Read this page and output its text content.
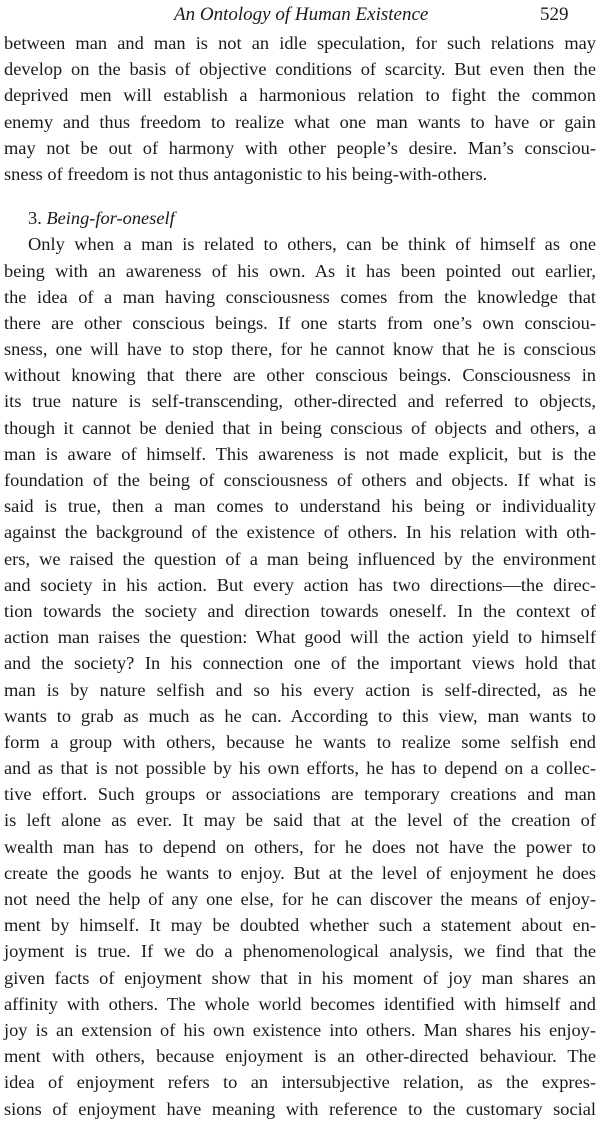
An Ontology of Human Existence	529
between man and man is not an idle speculation, for such relations may
develop on the basis of objective conditions of scarcity. But even then the
deprived men will establish a harmonious relation to fight the common
enemy and thus freedom to realize what one man wants to have or gain
may not be out of harmony with other people’s desire. Man’s consciou-
sness of freedom is not thus antagonistic to his being-with-others.
3. Being-for-oneself
Only when a man is related to others, can be think of himself as one
being with an awareness of his own. As it has been pointed out earlier,
the idea of a man having consciousness comes from the knowledge that
there are other conscious beings. If one starts from one’s own consciou-
sness, one will have to stop there, for he cannot know that he is conscious
without knowing that there are other conscious beings. Consciousness in
its true nature is self-transcending, other-directed and referred to objects,
though it cannot be denied that in being conscious of objects and others, a
man is aware of himself. This awareness is not made explicit, but is the
foundation of the being of consciousness of others and objects. If what is
said is true, then a man comes to understand his being or individuality
against the background of the existence of others. In his relation with oth-
ers, we raised the question of a man being influenced by the environment
and society in his action. But every action has two directions—the direc-
tion towards the society and direction towards oneself. In the context of
action man raises the question: What good will the action yield to himself
and the society? In his connection one of the important views hold that
man is by nature selfish and so his every action is self-directed, as he
wants to grab as much as he can. According to this view, man wants to
form a group with others, because he wants to realize some selfish end
and as that is not possible by his own efforts, he has to depend on a collec-
tive effort. Such groups or associations are temporary creations and man
is left alone as ever. It may be said that at the level of the creation of
wealth man has to depend on others, for he does not have the power to
create the goods he wants to enjoy. But at the level of enjoyment he does
not need the help of any one else, for he can discover the means of enjoy-
ment by himself. It may be doubted whether such a statement about en-
joyment is true. If we do a phenomenological analysis, we find that the
given facts of enjoyment show that in his moment of joy man shares an
affinity with others. The whole world becomes identified with himself and
joy is an extension of his own existence into others. Man shares his enjoy-
ment with others, because enjoyment is an other-directed behaviour. The
idea of enjoyment refers to an intersubjective relation, as the expres-
sions of enjoyment have meaning with reference to the customary social
